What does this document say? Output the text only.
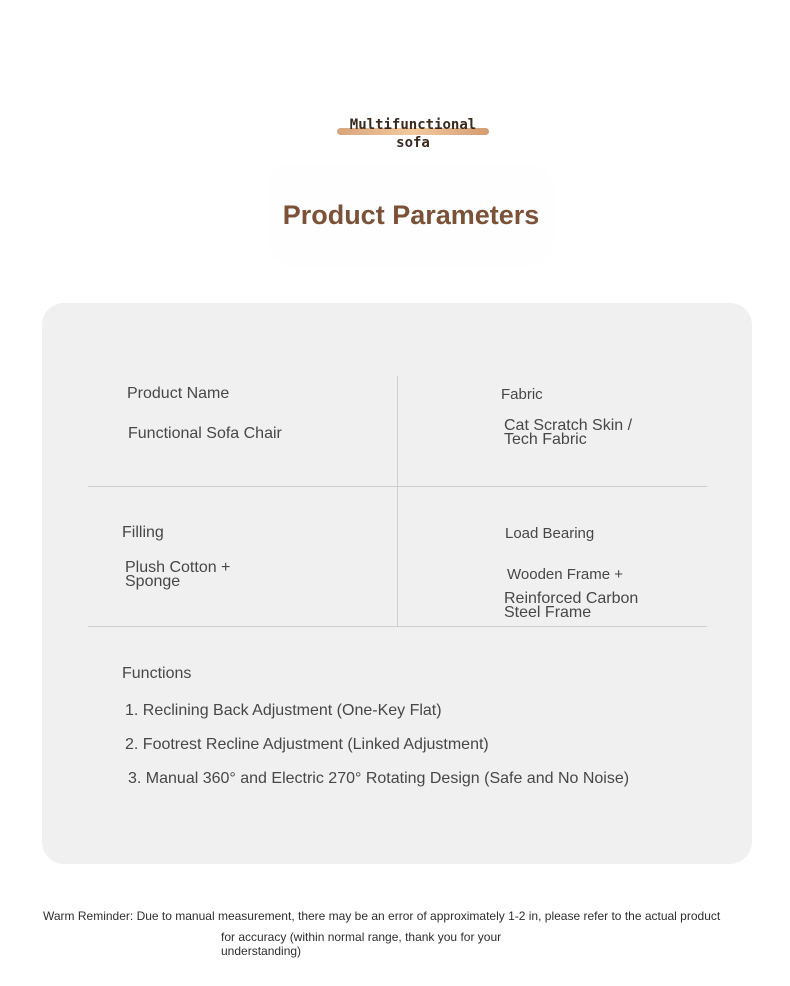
Multifunctional sofa
Product Parameters
Product Name
Functional Sofa Chair
Fabric
Cat Scratch Skin / Tech Fabric
Filling
Plush Cotton + Sponge
Load Bearing
Wooden Frame +
Reinforced Carbon Steel Frame
Functions
1. Reclining Back Adjustment (One-Key Flat)
2. Footrest Recline Adjustment (Linked Adjustment)
3. Manual 360° and Electric 270° Rotating Design (Safe and No Noise)
Warm Reminder: Due to manual measurement, there may be an error of approximately 1-2 in, please refer to the actual product
for accuracy (within normal range, thank you for your understanding)
